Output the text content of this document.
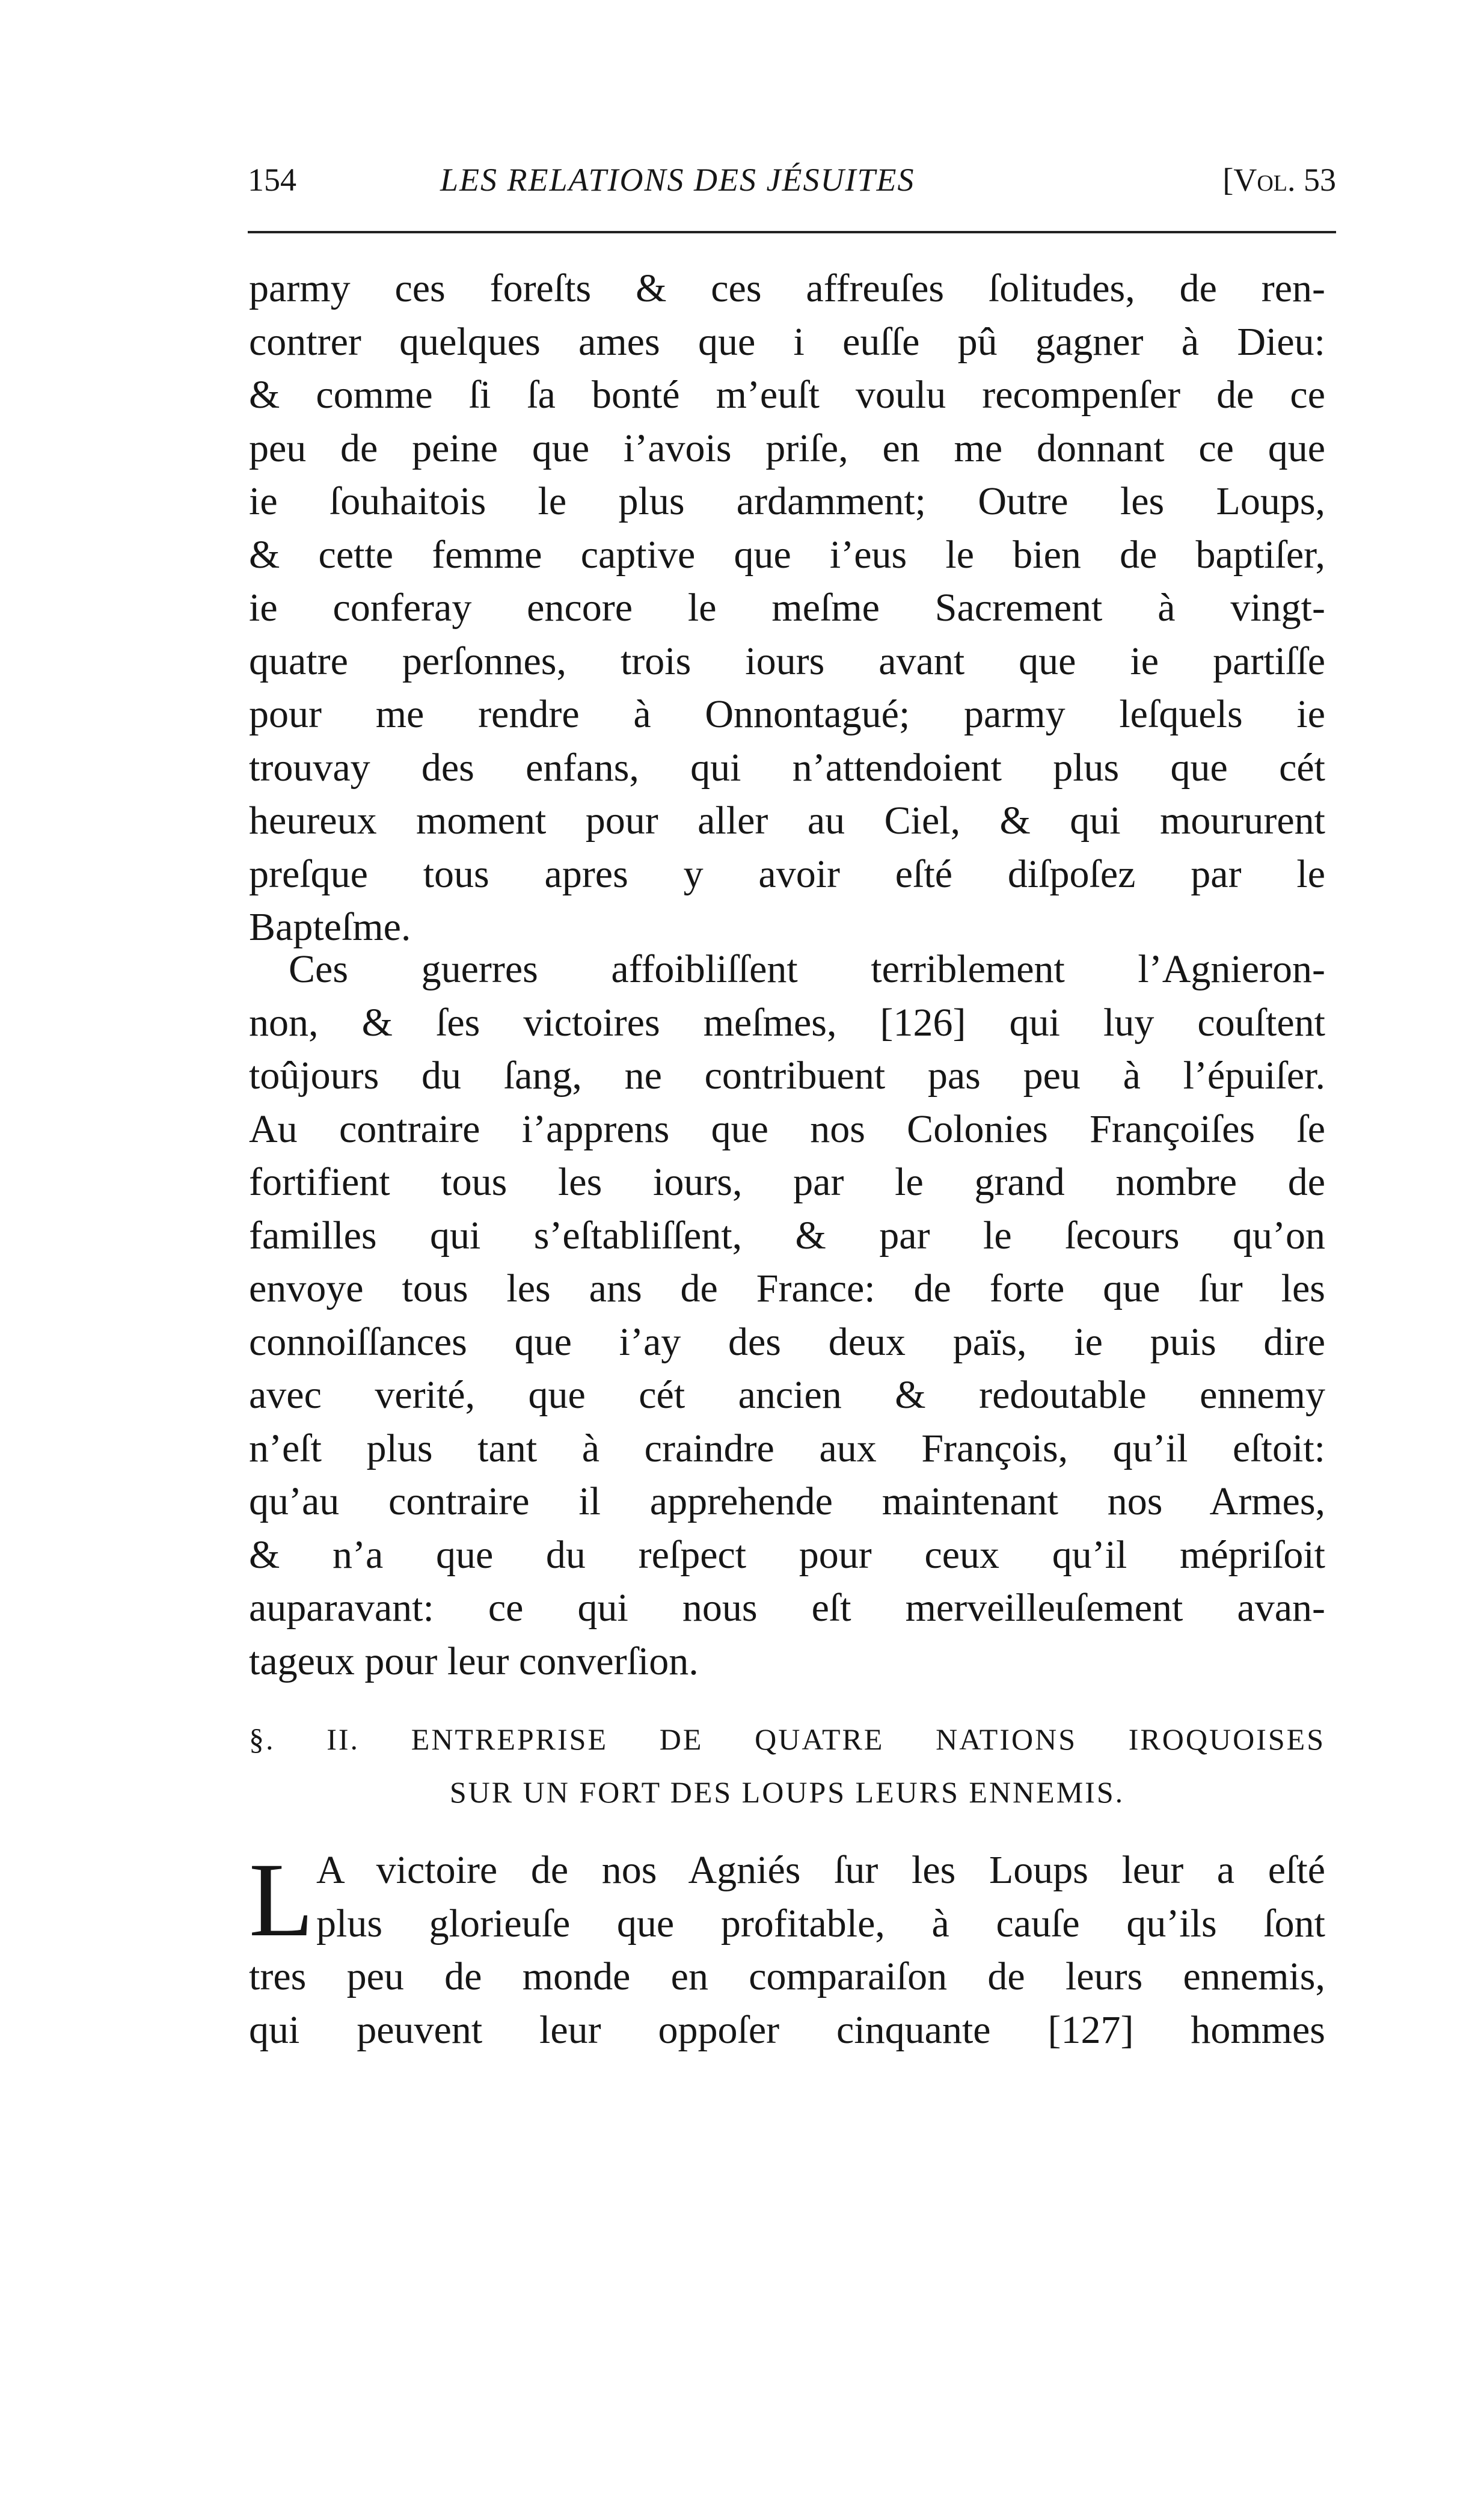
154	LES RELATIONS DES JÉSUITES	[Vol. 53
parmy ces foreſts & ces affreuſes ſolitudes, de ren-
contrer quelques ames que i euſſe pû gagner à Dieu:
& comme ſi ſa bonté m’euſt voulu recompenſer de ce
peu de peine que i’avois priſe, en me donnant ce que
ie ſouhaitois le plus ardamment; Outre les Loups,
& cette femme captive que i’eus le bien de baptiſer,
ie conferay encore le meſme Sacrement à vingt-
quatre perſonnes, trois iours avant que ie partiſſe
pour me rendre à Onnontagué; parmy leſquels ie
trouvay des enfans, qui n’attendoient plus que cét
heureux moment pour aller au Ciel, & qui moururent
preſque tous apres y avoir eſté diſpoſez par le
Bapteſme.
Ces guerres affoibliſſent terriblement l’Agnieron-
non, & ſes victoires meſmes, [126] qui luy couſtent
toûjours du ſang, ne contribuent pas peu à l’épuiſer.
Au contraire i’apprens que nos Colonies Françoiſes ſe
fortifient tous les iours, par le grand nombre de
familles qui s’eſtabliſſent, & par le ſecours qu’on
envoye tous les ans de France: de forte que ſur les
connoiſſances que i’ay des deux païs, ie puis dire
avec verité, que cét ancien & redoutable ennemy
n’eſt plus tant à craindre aux François, qu’il eſtoit:
qu’au contraire il apprehende maintenant nos Armes,
& n’a que du reſpect pour ceux qu’il mépriſoit
auparavant: ce qui nous eſt merveilleuſement avan-
tageux pour leur converſion.
§. II. ENTREPRISE DE QUATRE NATIONS IROQUOISES
SUR UN FORT DES LOUPS LEURS ENNEMIS.
L A victoire de nos Agniés ſur les Loups leur a eſté
plus glorieuſe que profitable, à cauſe qu’ils ſont
tres peu de monde en comparaiſon de leurs ennemis,
qui peuvent leur oppoſer cinquante [127] hommes
